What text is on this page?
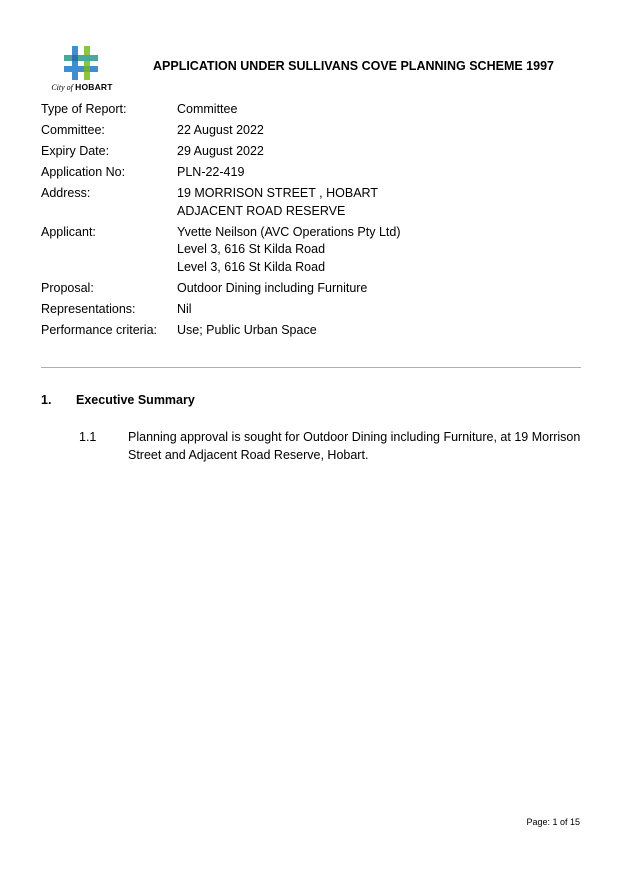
City of HOBART
APPLICATION UNDER SULLIVANS COVE PLANNING SCHEME 1997
Type of Report:	Committee
Committee:	22 August 2022
Expiry Date:	29 August 2022
Application No:	PLN-22-419
Address:	19 MORRISON STREET , HOBART
ADJACENT ROAD RESERVE
Applicant:	Yvette Neilson (AVC Operations Pty Ltd)
Level 3, 616 St Kilda Road
Level 3, 616 St Kilda Road
Proposal:	Outdoor Dining including Furniture
Representations:	Nil
Performance criteria:	Use; Public Urban Space
1.	Executive Summary
1.1	Planning approval is sought for Outdoor Dining including Furniture, at 19 Morrison Street and Adjacent Road Reserve, Hobart.
Page: 1 of 15
